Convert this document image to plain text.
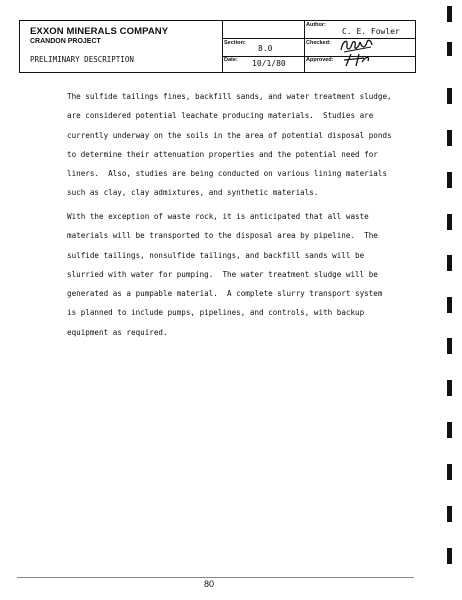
EXXON MINERALS COMPANY
CRANDON PROJECT
PRELIMINARY DESCRIPTION
Section:
8.0
Date: 10/1/80
Author:
C. E. Fowler
Checked:
Approved:

The sulfide tailings fines, backfill sands, and water treatment sludge,
are considered potential leachate producing materials.  Studies are
currently underway on the soils in the area of potential disposal ponds
to determine their attenuation properties and the potential need for
liners.  Also, studies are being conducted on various lining materials
such as clay, clay admixtures, and synthetic materials.

With the exception of waste rock, it is anticipated that all waste
materials will be transported to the disposal area by pipeline.  The
sulfide tailings, nonsulfide tailings, and backfill sands will be
slurried with water for pumping.  The water treatment sludge will be
generated as a pumpable material.  A complete slurry transport system
is planned to include pumps, pipelines, and controls, with backup
equipment as required.

80
